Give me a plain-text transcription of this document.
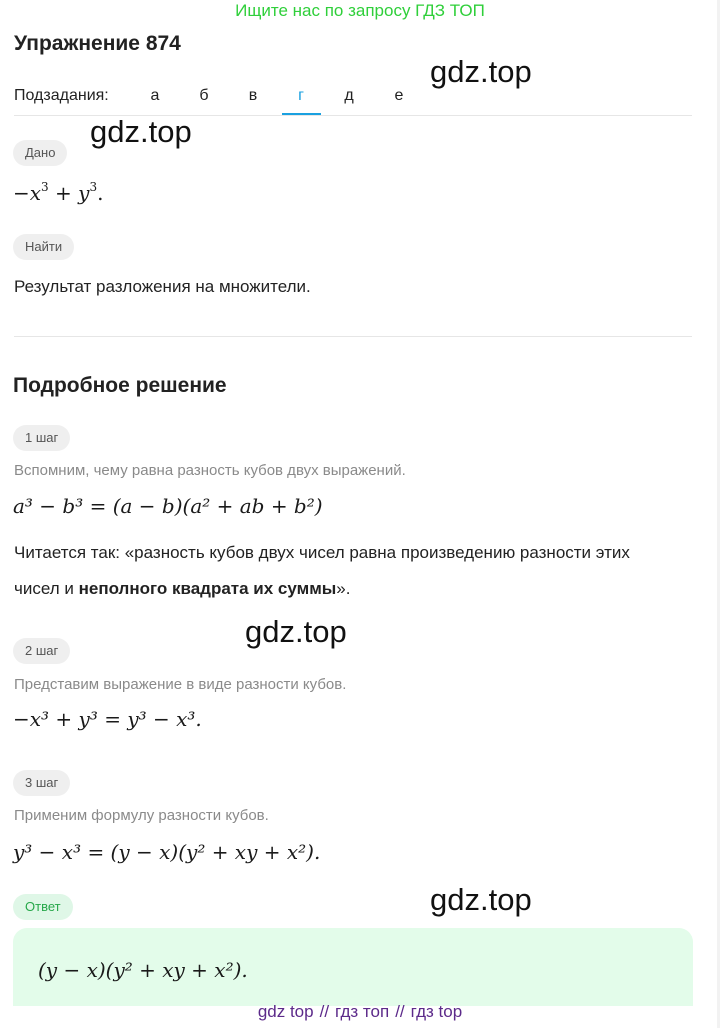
Ищите нас по запросу ГДЗ ТОП
Упражнение 874
gdz.top
Подзадания:	а	б	в	г	д	е
gdz.top
Дано
$-x^3 + y^3$.
Найти
Результат разложения на множители.
Подробное решение
1 шаг
Вспомним, чему равна разность кубов двух выражений.
a³ − b³ = (a − b)(a² + ab + b²)
Читается так: «разность кубов двух чисел равна произведению разности этих
чисел и неполного квадрата их суммы».
gdz.top
2 шаг
Представим выражение в виде разности кубов.
−x³ + y³ = y³ − x³.
3 шаг
Применим формулу разности кубов.
y³ − x³ = (y − x)(y² + xy + x²).
gdz.top
Ответ
(y − x)(y² + xy + x²).
gdz top // гдз топ // гдз top
